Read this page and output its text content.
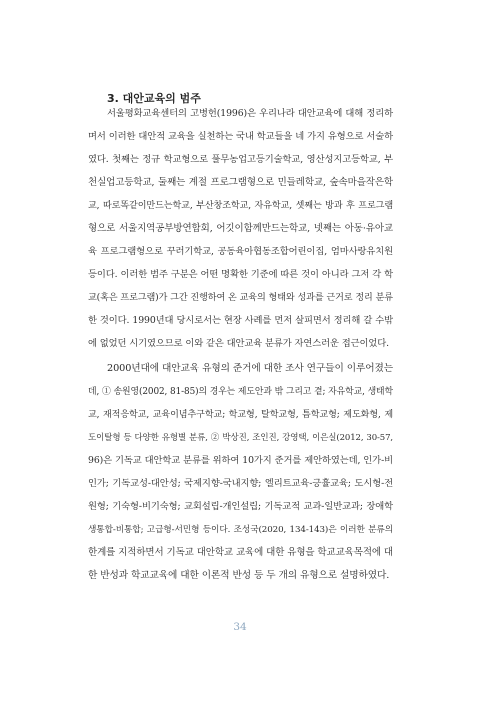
3. 대안교육의 범주
서울평화교육센터의 고병헌(1996)은 우리나라 대안교육에 대해 정리하
며서 이러한 대안적 교육을 실천하는 국내 학교들을 네 가지 유형으로 서술하
였다. 첫째는 정규 학교형으로 풀무농업고등기술학교, 영산성지고등학교, 부
천실업고등학교, 둘째는 계절 프로그램형으로 민들레학교, 숲속마을작은학
교, 따로똑같이만드는학교, 부산창조학교, 자유학교, 셋째는 방과 후 프로그램
형으로 서울지역공부방연합회, 어깃이함께만드는학교, 넷째는 아동·유아교
육 프로그램형으로 꾸러기학교, 공동육아협동조합어린이집, 엄마사랑유치원
등이다. 이러한 범주 구분은 어떤 명확한 기준에 따른 것이 아니라 그저 각 학
교(혹은 프로그램)가 그간 진행하여 온 교육의 형태와 성과를 근거로 정리 분류
한 것이다. 1990년대 당시로서는 현장 사례를 먼저 살피면서 정리해 갈 수밖
에 없었던 시기였으므로 이와 같은 대안교육 분류가 자연스러운 접근이었다.
2000년대에 대안교육 유형의 준거에 대한 조사 연구들이 이루어졌는
데, ① 송원영(2002, 81-85)의 경우는 제도안과 밖 그리고 곁; 자유학교, 생태학
교, 재적응학교, 교육이념추구학교; 학교형, 탈학교형, 틈학교형; 제도화형, 제
도이탈형 등 다양한 유형별 분류, ② 박상진, 조인진, 강영택, 이은실(2012, 30-57,
96)은 기독교 대안학교 분류를 위하여 10가지 준거를 제안하였는데, 인가-비
인가; 기독교성-대안성; 국제지향-국내지향; 엘리트교육-긍휼교육; 도시형-전
원형; 기숙형-비기숙형; 교회설립-개인설립; 기독교적 교과-일반교과; 장애학
생통합-비통합; 고급형-서민형 등이다. 조성국(2020, 134-143)은 이러한 분류의
한계를 지적하면서 기독교 대안학교 교육에 대한 유형을 학교교육목적에 대
한 반성과 학교교육에 대한 이론적 반성 등 두 개의 유형으로 설명하였다.
34
